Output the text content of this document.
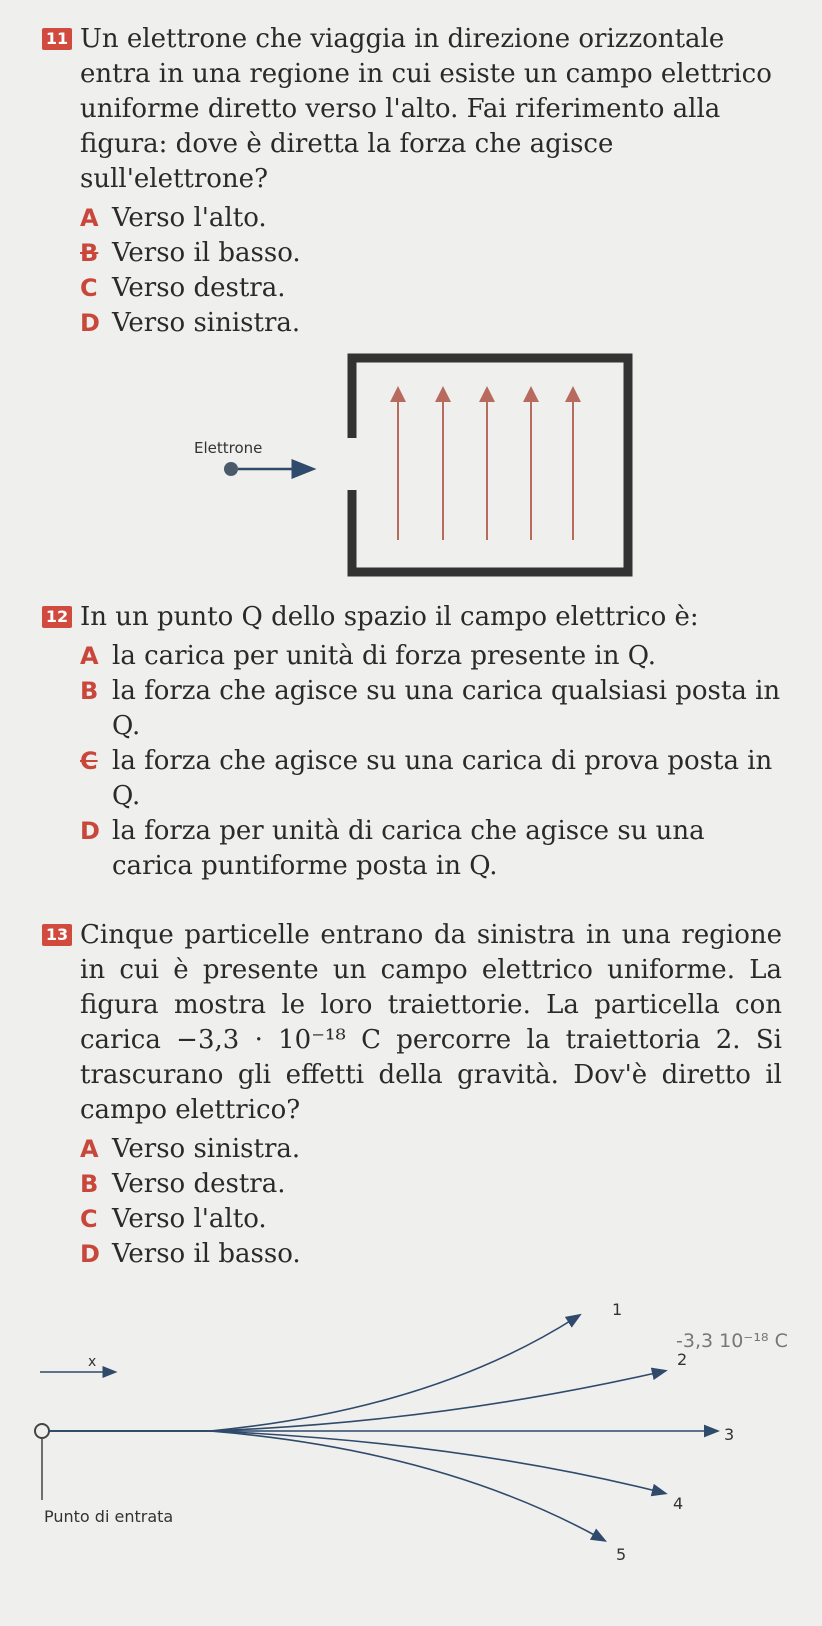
11 Un elettrone che viaggia in direzione orizzontale entra in una regione in cui esiste un campo elettrico uniforme diretto verso l'alto. Fai riferimento alla figura: dove è diretta la forza che agisce sull'elettrone?

A Verso l'alto.
B Verso il basso.
C Verso destra.
D Verso sinistra.
Elettrone

12 In un punto Q dello spazio il campo elettrico è:

A la carica per unità di forza presente in Q.
B la forza che agisce su una carica qualsiasi posta in Q.
C la forza che agisce su una carica di prova posta in Q.
D la forza per unità di carica che agisce su una carica puntiforme posta in Q.

13 Cinque particelle entrano da sinistra in una regione in cui è presente un campo elettrico uniforme. La figura mostra le loro traiettorie. La particella con carica −3,3 · 10⁻¹⁸ C percorre la traiettoria 2. Si trascurano gli effetti della gravità. Dov'è diretto il campo elettrico?

A Verso sinistra.
B Verso destra.
C Verso l'alto.
D Verso il basso.
x
Punto di entrata
1
2
3
4
5
-3,3 10⁻¹⁸ C
